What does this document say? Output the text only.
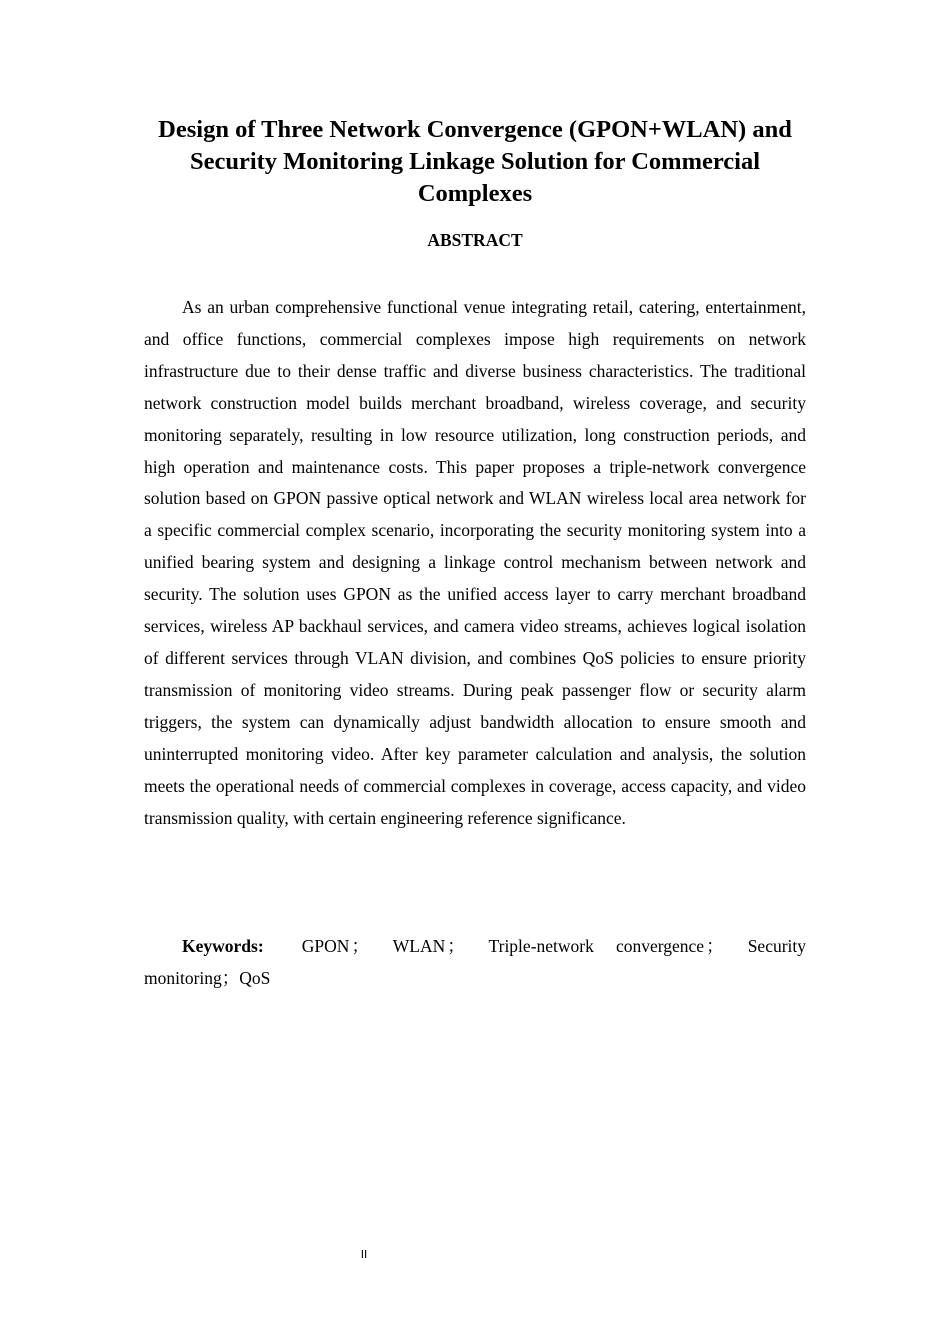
Design of Three Network Convergence (GPON+WLAN) and Security Monitoring Linkage Solution for Commercial Complexes
ABSTRACT

As an urban comprehensive functional venue integrating retail, catering, entertainment, and office functions, commercial complexes impose high requirements on network infrastructure due to their dense traffic and diverse business characteristics. The traditional network construction model builds merchant broadband, wireless coverage, and security monitoring separately, resulting in low resource utilization, long construction periods, and high operation and maintenance costs. This paper proposes a triple-network convergence solution based on GPON passive optical network and WLAN wireless local area network for a specific commercial complex scenario, incorporating the security monitoring system into a unified bearing system and designing a linkage control mechanism between network and security. The solution uses GPON as the unified access layer to carry merchant broadband services, wireless AP backhaul services, and camera video streams, achieves logical isolation of different services through VLAN division, and combines QoS policies to ensure priority transmission of monitoring video streams. During peak passenger flow or security alarm triggers, the system can dynamically adjust bandwidth allocation to ensure smooth and uninterrupted monitoring video. After key parameter calculation and analysis, the solution meets the operational needs of commercial complexes in coverage, access capacity, and video transmission quality, with certain engineering reference significance.

Keywords: GPON ； WLAN ； Triple-network convergence ； Security monitoring；QoS

II
